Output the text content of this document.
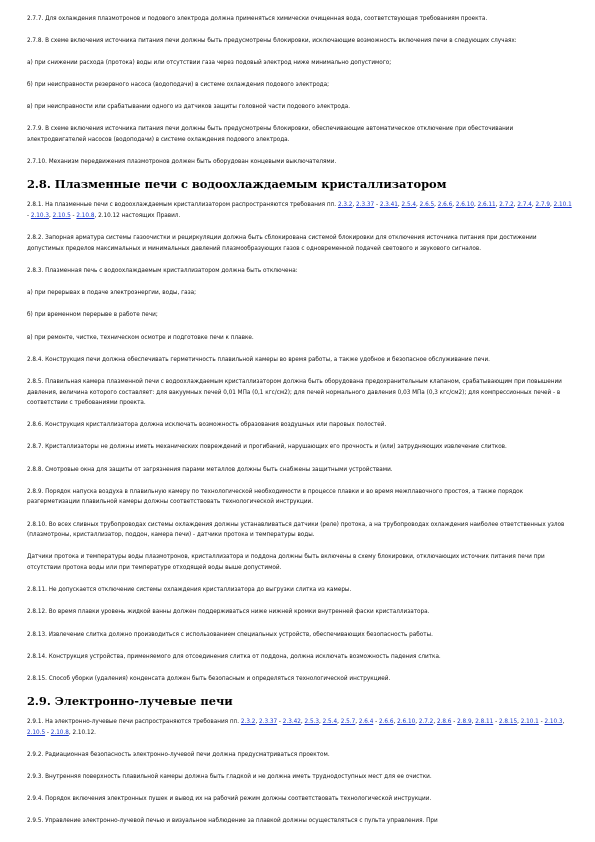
2.7.7. Для охлаждения плазмотронов и подового электрода должна применяться химически очищенная вода, соответствующая требованиям проекта.

2.7.8. В схеме включения источника питания печи должны быть предусмотрены блокировки, исключающие возможность включения печи в следующих случаях:

а) при снижении расхода (протока) воды или отсутствии газа через подовый электрод ниже минимально допустимого;

б) при неисправности резервного насоса (водоподачи) в системе охлаждения подового электрода;

в) при неисправности или срабатывании одного из датчиков защиты головной части подового электрода.

2.7.9. В схеме включения источника питания печи должны быть предусмотрены блокировки, обеспечивающие автоматическое отключение при обесточивании электродвигателей насосов (водоподачи) в системе охлаждения подового электрода.

2.7.10. Механизм передвижения плазмотронов должен быть оборудован концевыми выключателями.

2.8. Плазменные печи с водоохлаждаемым кристаллизатором

2.8.1. На плазменные печи с водоохлаждаемым кристаллизатором распространяются требования пп. 2.3.2, 2.3.37 - 2.3.41, 2.5.4, 2.6.5, 2.6.6, 2.6.10, 2.6.11, 2.7.2, 2.7.4, 2.7.9, 2.10.1 - 2.10.3, 2.10.5 - 2.10.8, 2.10.12 настоящих Правил.

2.8.2. Запорная арматура системы газоочистки и рециркуляции должна быть сблокирована системой блокировки для отключения источника питания при достижении допустимых пределов максимальных и минимальных давлений плазмообразующих газов с одновременной подачей светового и звукового сигналов.

2.8.3. Плазменная печь с водоохлаждаемым кристаллизатором должна быть отключена:

а) при перерывах в подаче электроэнергии, воды, газа;

б) при временном перерыве в работе печи;

в) при ремонте, чистке, техническом осмотре и подготовке печи к плавке.

2.8.4. Конструкция печи должна обеспечивать герметичность плавильной камеры во время работы, а также удобное и безопасное обслуживание печи.

2.8.5. Плавильная камера плазменной печи с водоохлаждаемым кристаллизатором должна быть оборудована предохранительным клапаном, срабатывающим при повышении давления, величина которого составляет: для вакуумных печей 0,01 МПа (0,1 кгс/см2); для печей нормального давления 0,03 МПа (0,3 кгс/см2); для компрессионных печей - в соответствии с требованиями проекта.

2.8.6. Конструкция кристаллизатора должна исключать возможность образования воздушных или паровых полостей.

2.8.7. Кристаллизаторы не должны иметь механических повреждений и прогибаний, нарушающих его прочность и (или) затрудняющих извлечение слитков.

2.8.8. Смотровые окна для защиты от загрязнения парами металлов должны быть снабжены защитными устройствами.

2.8.9. Порядок напуска воздуха в плавильную камеру по технологической необходимости в процессе плавки и во время межплавочного простоя, а также порядок разгерметизации плавильной камеры должны соответствовать технологической инструкции.

2.8.10. Во всех сливных трубопроводах системы охлаждения должны устанавливаться датчики (реле) протока, а на трубопроводах охлаждения наиболее ответственных узлов (плазмотроны, кристаллизатор, поддон, камера печи) - датчики протока и температуры воды.

Датчики протока и температуры воды плазмотронов, кристаллизатора и поддона должны быть включены в схему блокировки, отключающих источник питания печи при отсутствии протока воды или при температуре отходящей воды выше допустимой.

2.8.11. Не допускается отключение системы охлаждения кристаллизатора до выгрузки слитка из камеры.

2.8.12. Во время плавки уровень жидкой ванны должен поддерживаться ниже нижней кромки внутренней фаски кристаллизатора.

2.8.13. Извлечение слитка должно производиться с использованием специальных устройств, обеспечивающих безопасность работы.

2.8.14. Конструкция устройства, применяемого для отсоединения слитка от поддона, должна исключать возможность падения слитка.

2.8.15. Способ уборки (удаления) конденсата должен быть безопасным и определяться технологической инструкцией.

2.9. Электронно-лучевые печи

2.9.1. На электронно-лучевые печи распространяются требования пп. 2.3.2, 2.3.37 - 2.3.42, 2.5.3, 2.5.4, 2.5.7, 2.6.4 - 2.6.6, 2.6.10, 2.7.2, 2.8.6 - 2.8.9, 2.8.11 - 2.8.15, 2.10.1 - 2.10.3, 2.10.5 - 2.10.8, 2.10.12.

2.9.2. Радиационная безопасность электронно-лучевой печи должна предусматриваться проектом.

2.9.3. Внутренняя поверхность плавильной камеры должна быть гладкой и не должна иметь труднодоступных мест для ее очистки.

2.9.4. Порядок включения электронных пушек и вывод их на рабочий режим должны соответствовать технологической инструкции.

2.9.5. Управление электронно-лучевой печью и визуальное наблюдение за плавкой должны осуществляться с пульта управления. При
